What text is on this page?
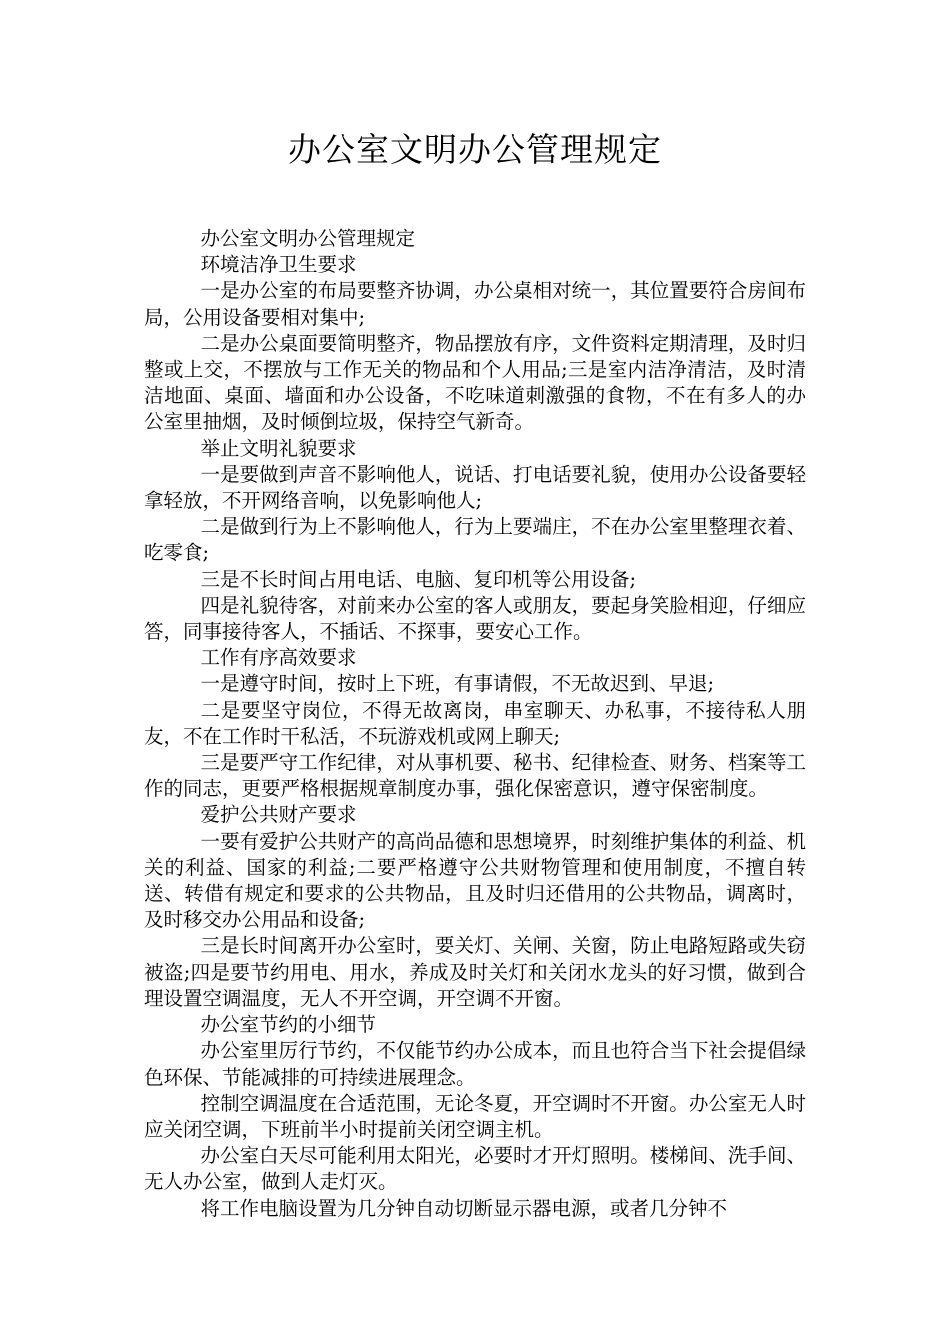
办公室文明办公管理规定

办公室文明办公管理规定

环境洁净卫生要求

一是办公室的布局要整齐协调，办公桌相对统一，其位置要符合房间布局，公用设备要相对集中;

二是办公桌面要简明整齐，物品摆放有序，文件资料定期清理，及时归整或上交，不摆放与工作无关的物品和个人用品;三是室内洁净清洁，及时清洁地面、桌面、墙面和办公设备，不吃味道刺激强的食物，不在有多人的办公室里抽烟，及时倾倒垃圾，保持空气新奇。

举止文明礼貌要求

一是要做到声音不影响他人，说话、打电话要礼貌，使用办公设备要轻拿轻放，不开网络音响，以免影响他人;

二是做到行为上不影响他人，行为上要端庄，不在办公室里整理衣着、吃零食;

三是不长时间占用电话、电脑、复印机等公用设备;

四是礼貌待客，对前来办公室的客人或朋友，要起身笑脸相迎，仔细应答，同事接待客人，不插话、不探事，要安心工作。

工作有序高效要求

一是遵守时间，按时上下班，有事请假，不无故迟到、早退;

二是要坚守岗位，不得无故离岗，串室聊天、办私事，不接待私人朋友，不在工作时干私活，不玩游戏机或网上聊天;

三是要严守工作纪律，对从事机要、秘书、纪律检查、财务、档案等工作的同志，更要严格根据规章制度办事，强化保密意识，遵守保密制度。

爱护公共财产要求

一要有爱护公共财产的高尚品德和思想境界，时刻维护集体的利益、机关的利益、国家的利益;二要严格遵守公共财物管理和使用制度，不擅自转送、转借有规定和要求的公共物品，且及时归还借用的公共物品，调离时，及时移交办公用品和设备;

三是长时间离开办公室时，要关灯、关闸、关窗，防止电路短路或失窃被盗;四是要节约用电、用水，养成及时关灯和关闭水龙头的好习惯，做到合理设置空调温度，无人不开空调，开空调不开窗。

办公室节约的小细节

办公室里厉行节约，不仅能节约办公成本，而且也符合当下社会提倡绿色环保、节能减排的可持续进展理念。

控制空调温度在合适范围，无论冬夏，开空调时不开窗。办公室无人时应关闭空调，下班前半小时提前关闭空调主机。

办公室白天尽可能利用太阳光，必要时才开灯照明。楼梯间、洗手间、无人办公室，做到人走灯灭。

将工作电脑设置为几分钟自动切断显示器电源，或者几分钟不
